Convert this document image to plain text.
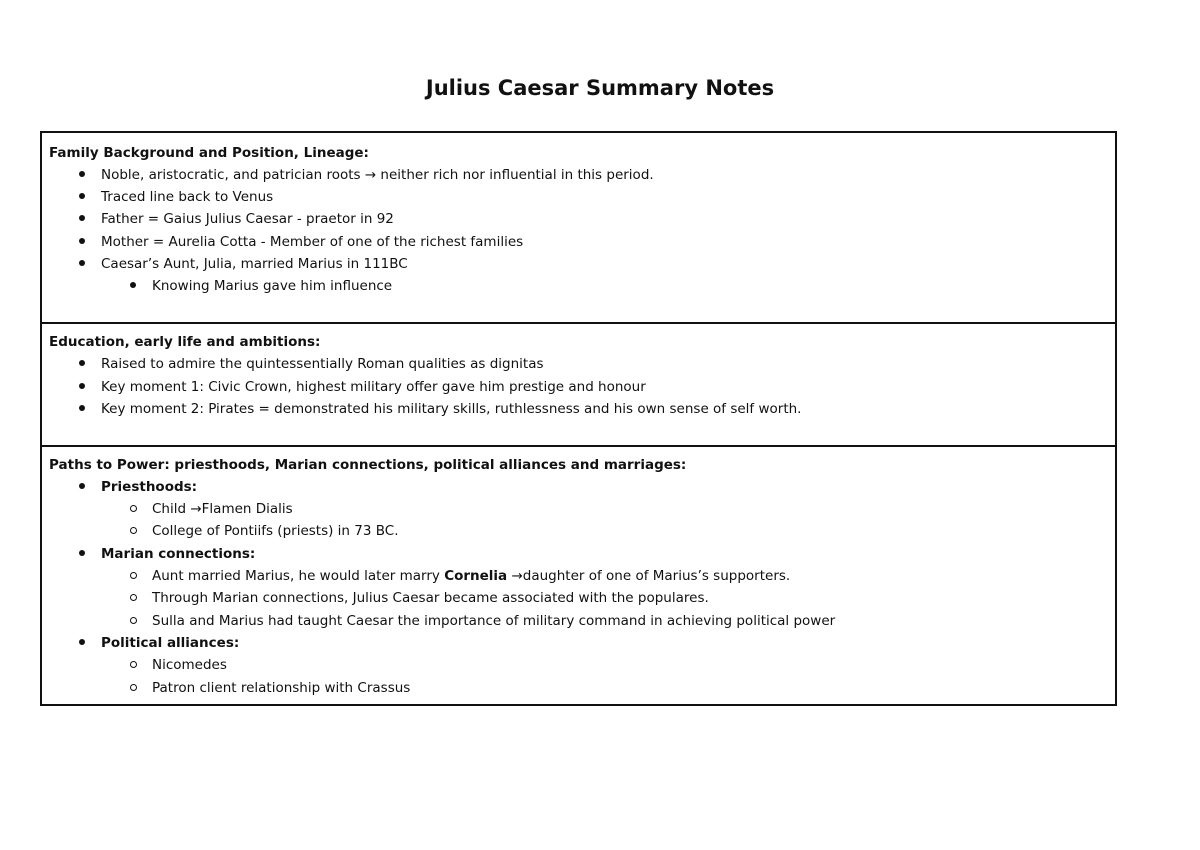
Julius Caesar Summary Notes
Family Background and Position, Lineage:
Noble, aristocratic, and patrician roots → neither rich nor influential in this period.
Traced line back to Venus
Father = Gaius Julius Caesar - praetor in 92
Mother = Aurelia Cotta - Member of one of the richest families
Caesar’s Aunt, Julia, married Marius in 111BC
Knowing Marius gave him influence
Education, early life and ambitions:
Raised to admire the quintessentially Roman qualities as dignitas
Key moment 1: Civic Crown, highest military offer gave him prestige and honour
Key moment 2: Pirates = demonstrated his military skills, ruthlessness and his own sense of self worth.
Paths to Power: priesthoods, Marian connections, political alliances and marriages:
Priesthoods:
Child →Flamen Dialis
College of Pontiifs (priests) in 73 BC.
Marian connections:
Aunt married Marius, he would later marry Cornelia →daughter of one of Marius’s supporters.
Through Marian connections, Julius Caesar became associated with the populares.
Sulla and Marius had taught Caesar the importance of military command in achieving political power
Political alliances:
Nicomedes
Patron client relationship with Crassus
